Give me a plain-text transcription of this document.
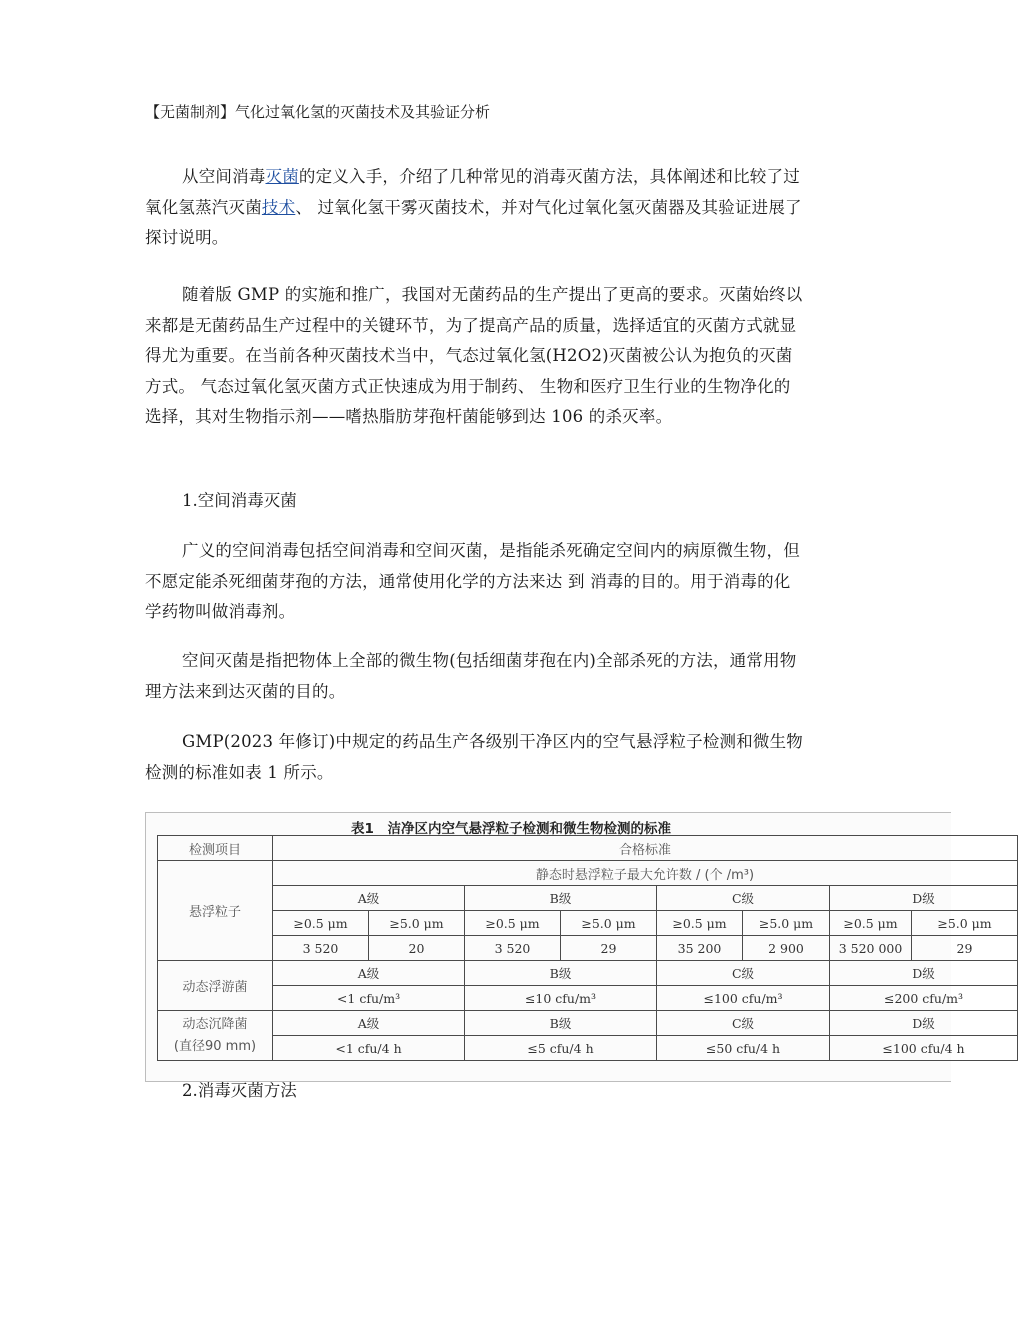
【无菌制剂】气化过氧化氢的灭菌技术及其验证分析

从空间消毒灭菌的定义入手，介绍了几种常见的消毒灭菌方法，具体阐述和比较了过氧化氢蒸汽灭菌技术、 过氧化氢干雾灭菌技术，并对气化过氧化氢灭菌器及其验证进展了探讨说明。

随着版 GMP 的实施和推广，我国对无菌药品的生产提出了更高的要求。灭菌始终以来都是无菌药品生产过程中的关键环节，为了提高产品的质量，选择适宜的灭菌方式就显得尤为重要。在当前各种灭菌技术当中，气态过氧化氢(H2O2)灭菌被公认为抱负的灭菌方式。 气态过氧化氢灭菌方式正快速成为用于制药、 生物和医疗卫生行业的生物净化的选择，其对生物指示剂——嗜热脂肪芽孢杆菌能够到达 106 的杀灭率。

1.空间消毒灭菌

广义的空间消毒包括空间消毒和空间灭菌，是指能杀死确定空间内的病原微生物，但不愿定能杀死细菌芽孢的方法，通常使用化学的方法来达 到 消毒的目的。用于消毒的化学药物叫做消毒剂。

空间灭菌是指把物体上全部的微生物(包括细菌芽孢在内)全部杀死的方法，通常用物理方法来到达灭菌的目的。

GMP(2023 年修订)中规定的药品生产各级别干净区内的空气悬浮粒子检测和微生物检测的标准如表 1 所示。

表1　洁净区内空气悬浮粒子检测和微生物检测的标准
检测项目	合格标准							
悬浮粒子	静态时悬浮粒子最大允许数 / (个 /m³)							
	A级		B级		C级		D级	
	≥0.5 μm	≥5.0 μm	≥0.5 μm	≥5.0 μm	≥0.5 μm	≥5.0 μm	≥0.5 μm	≥5.0 μm
	3 520	20	3 520	29	35 200	2 900	3 520 000	29
动态浮游菌	A级		B级		C级		D级	
	<1 cfu/m³		≤10 cfu/m³		≤100 cfu/m³		≤200 cfu/m³	

动态沉降菌
(直径90 mm)	A级		B级		C级		D级	
	<1 cfu/4 h		≤5 cfu/4 h		≤50 cfu/4 h		≤100 cfu/4 h	
2.消毒灭菌方法
